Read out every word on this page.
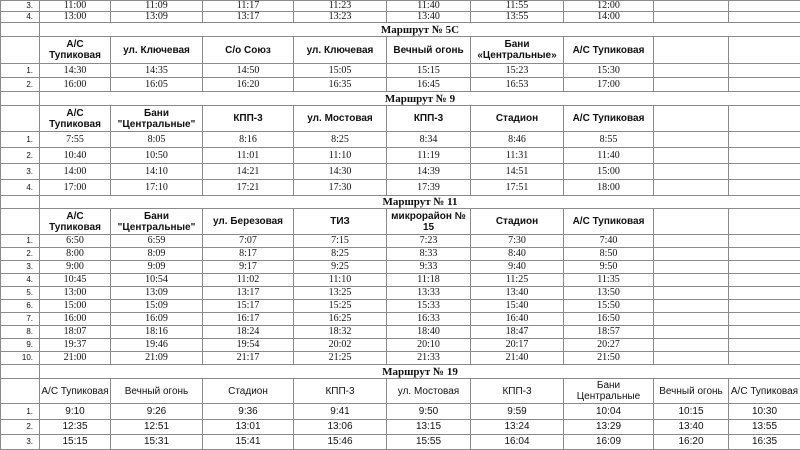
3.	11:00	11:09	11:17	11:23	11:40	11:55	12:00		
4.	13:00	13:09	13:17	13:23	13:40	13:55	14:00		
	Маршрут № 5С								
	А/С Тупиковая	ул. Ключевая	С/о Союз	ул. Ключевая	Вечный огонь	Бани «Центральные»	А/С Тупиковая		
1.	14:30	14:35	14:50	15:05	15:15	15:23	15:30		
2.	16:00	16:05	16:20	16:35	16:45	16:53	17:00		
	Маршрут № 9								
	А/С Тупиковая	Бани "Центральные"	КПП-3	ул. Мостовая	КПП-3	Стадион	А/С Тупиковая		
1.	7:55	8:05	8:16	8:25	8:34	8:46	8:55		
2.	10:40	10:50	11:01	11:10	11:19	11:31	11:40		
3.	14:00	14:10	14:21	14:30	14:39	14:51	15:00		
4.	17:00	17:10	17:21	17:30	17:39	17:51	18:00		
	Маршрут № 11								
	А/С Тупиковая	Бани "Центральные"	ул. Березовая	ТИЗ	микрорайон № 15	Стадион	А/С Тупиковая		
1.	6:50	6:59	7:07	7:15	7:23	7:30	7:40		
2.	8:00	8:09	8:17	8:25	8:33	8:40	8:50		
3.	9:00	9:09	9:17	9:25	9:33	9:40	9:50		
4.	10:45	10:54	11:02	11:10	11:18	11:25	11:35		
5.	13:00	13:09	13:17	13:25	13:33	13:40	13:50		
6.	15:00	15:09	15:17	15:25	15:33	15:40	15:50		
7.	16:00	16:09	16:17	16:25	16:33	16:40	16:50		
8.	18:07	18:16	18:24	18:32	18:40	18:47	18:57		
9.	19:37	19:46	19:54	20:02	20:10	20:17	20:27		
10.	21:00	21:09	21:17	21:25	21:33	21:40	21:50		
	Маршрут № 19								
	А/С Тупиковая	Вечный огонь	Стадион	КПП-3	ул. Мостовая	КПП-3	Бани Центральные	Вечный огонь	А/С Тупиковая
1.	9:10	9:26	9:36	9:41	9:50	9:59	10:04	10:15	10:30
2.	12:35	12:51	13:01	13:06	13:15	13:24	13:29	13:40	13:55
3.	15:15	15:31	15:41	15:46	15:55	16:04	16:09	16:20	16:35
